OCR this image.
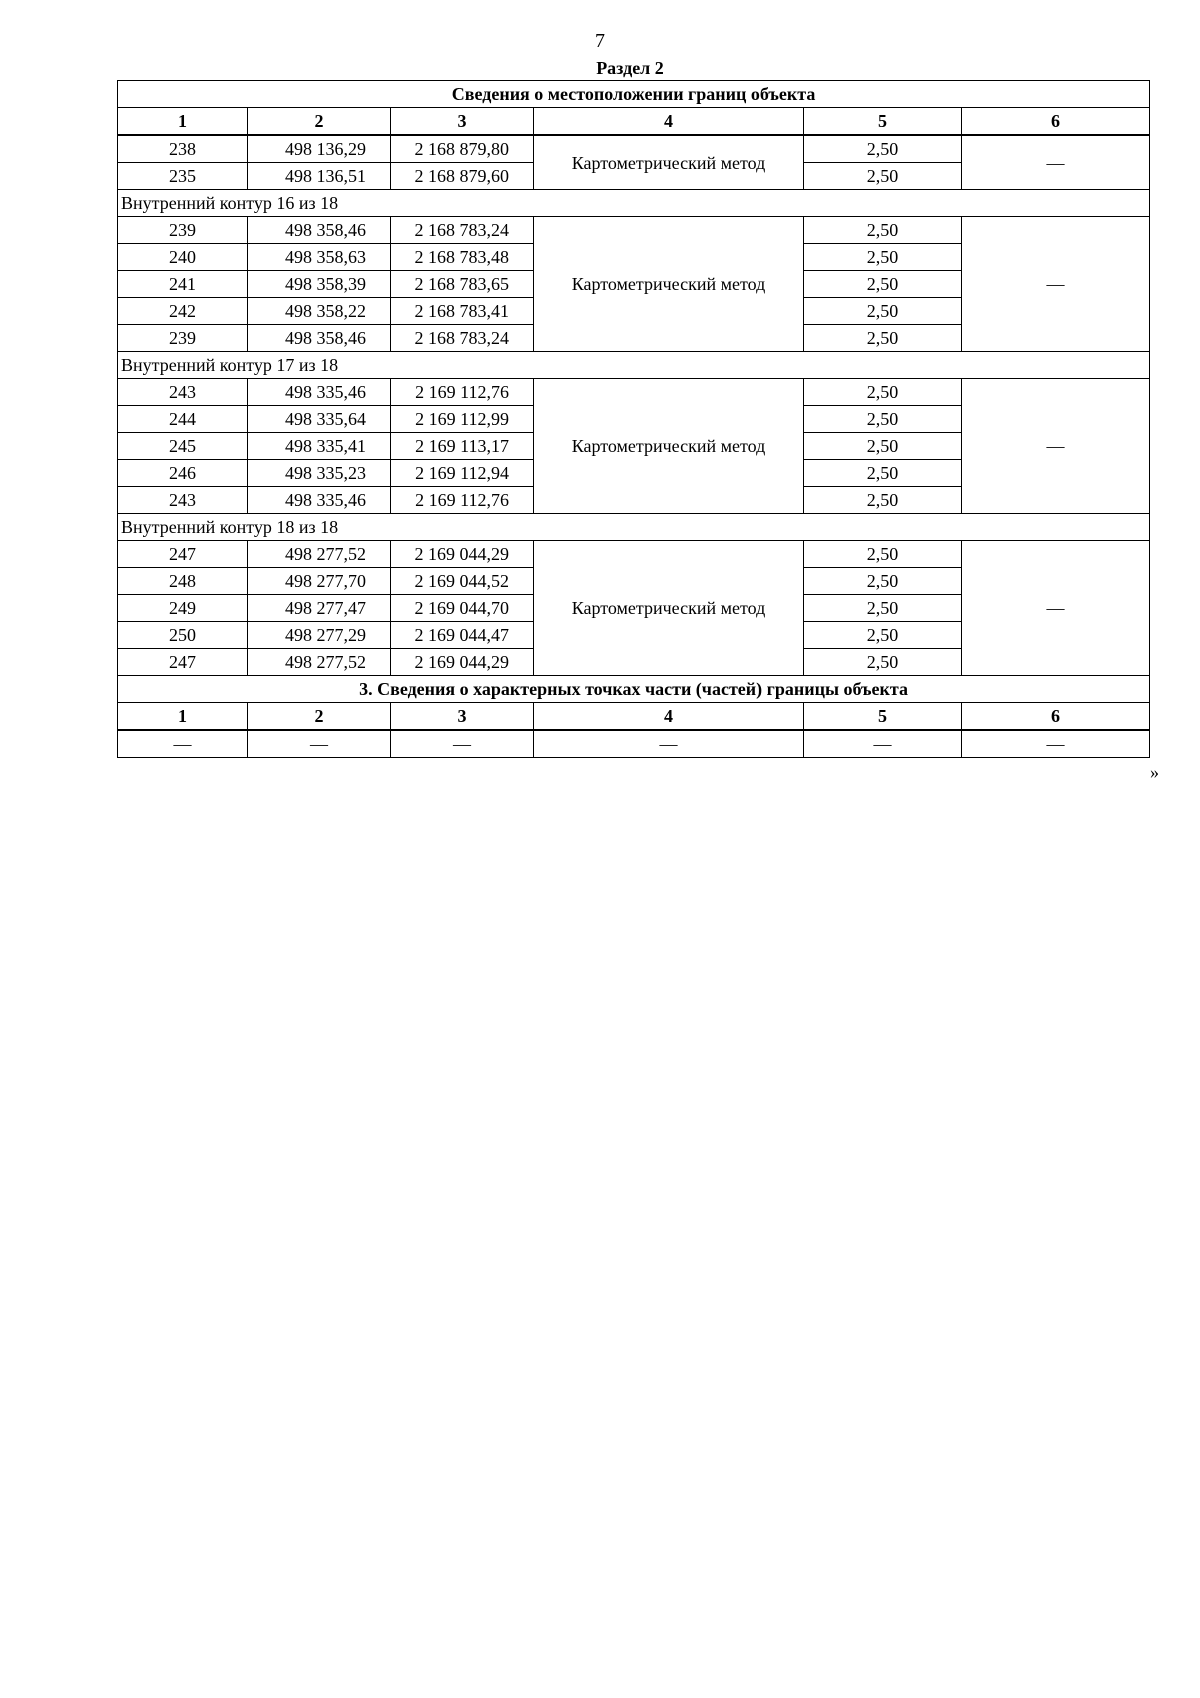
7
Раздел 2
Сведения о местоположении границ объекта					
1	2	3	4	5	6
238	498 136,29	2 168 879,80	Картометрический метод	2,50	—
235	498 136,51	2 168 879,60		2,50	
Внутренний контур 16 из 18					
239	498 358,46	2 168 783,24	Картометрический метод	2,50	—
240	498 358,63	2 168 783,48		2,50	
241	498 358,39	2 168 783,65		2,50	
242	498 358,22	2 168 783,41		2,50	
239	498 358,46	2 168 783,24		2,50	
Внутренний контур 17 из 18					
243	498 335,46	2 169 112,76	Картометрический метод	2,50	—
244	498 335,64	2 169 112,99		2,50	
245	498 335,41	2 169 113,17		2,50	
246	498 335,23	2 169 112,94		2,50	
243	498 335,46	2 169 112,76		2,50	
Внутренний контур 18 из 18					
247	498 277,52	2 169 044,29	Картометрический метод	2,50	—
248	498 277,70	2 169 044,52		2,50	
249	498 277,47	2 169 044,70		2,50	
250	498 277,29	2 169 044,47		2,50	
247	498 277,52	2 169 044,29		2,50	
3. Сведения о характерных точках части (частей) границы объекта					
1	2	3	4	5	6
—	—	—	—	—	—
»
